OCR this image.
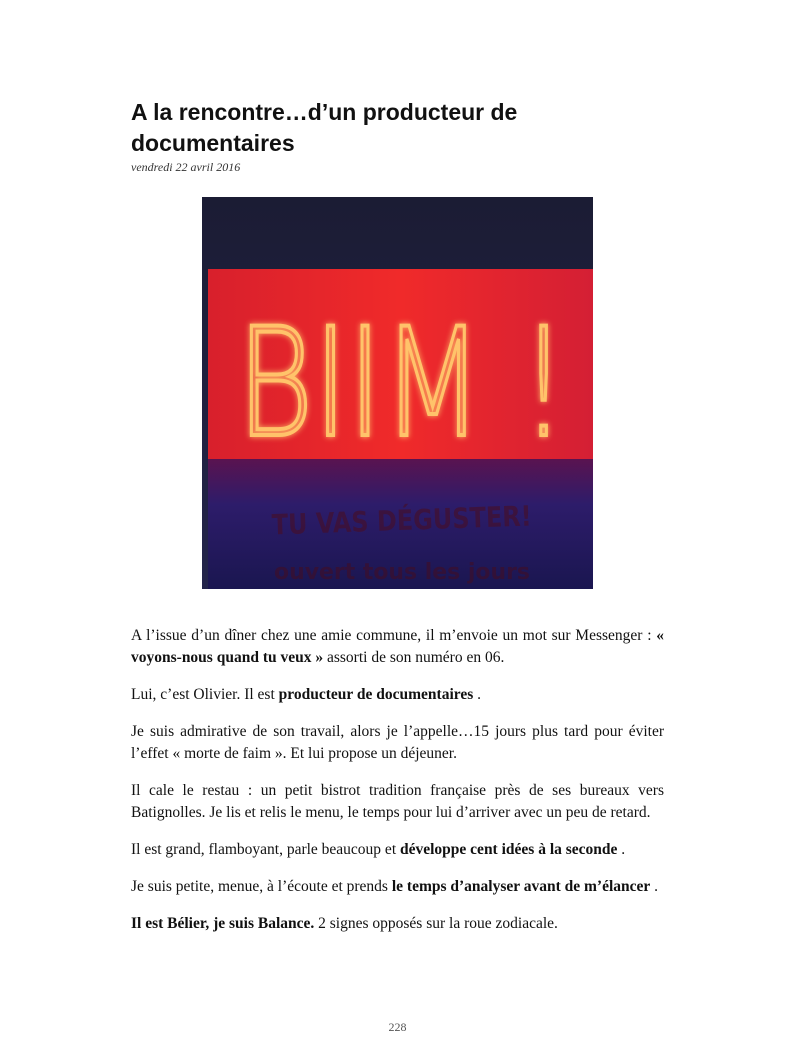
A la rencontre…d’un producteur de documentaires
vendredi 22 avril 2016
BIIM !
TU VAS DÉGUSTER!
ouvert tous les jours

A l’issue d’un dîner chez une amie commune, il m’envoie un mot sur Messenger : « voyons-nous quand tu veux » assorti de son numéro en 06.

Lui, c’est Olivier. Il est producteur de documentaires .

Je suis admirative de son travail, alors je l’appelle…15 jours plus tard pour éviter l’effet « morte de faim ». Et lui propose un déjeuner.

Il cale le restau : un petit bistrot tradition française près de ses bureaux vers Batignolles. Je lis et relis le menu, le temps pour lui d’arriver avec un peu de retard.

Il est grand, flamboyant, parle beaucoup et développe cent idées à la seconde .

Je suis petite, menue, à l’écoute et prends le temps d’analyser avant de m’élancer .

Il est Bélier, je suis Balance. 2 signes opposés sur la roue zodiacale.

228
